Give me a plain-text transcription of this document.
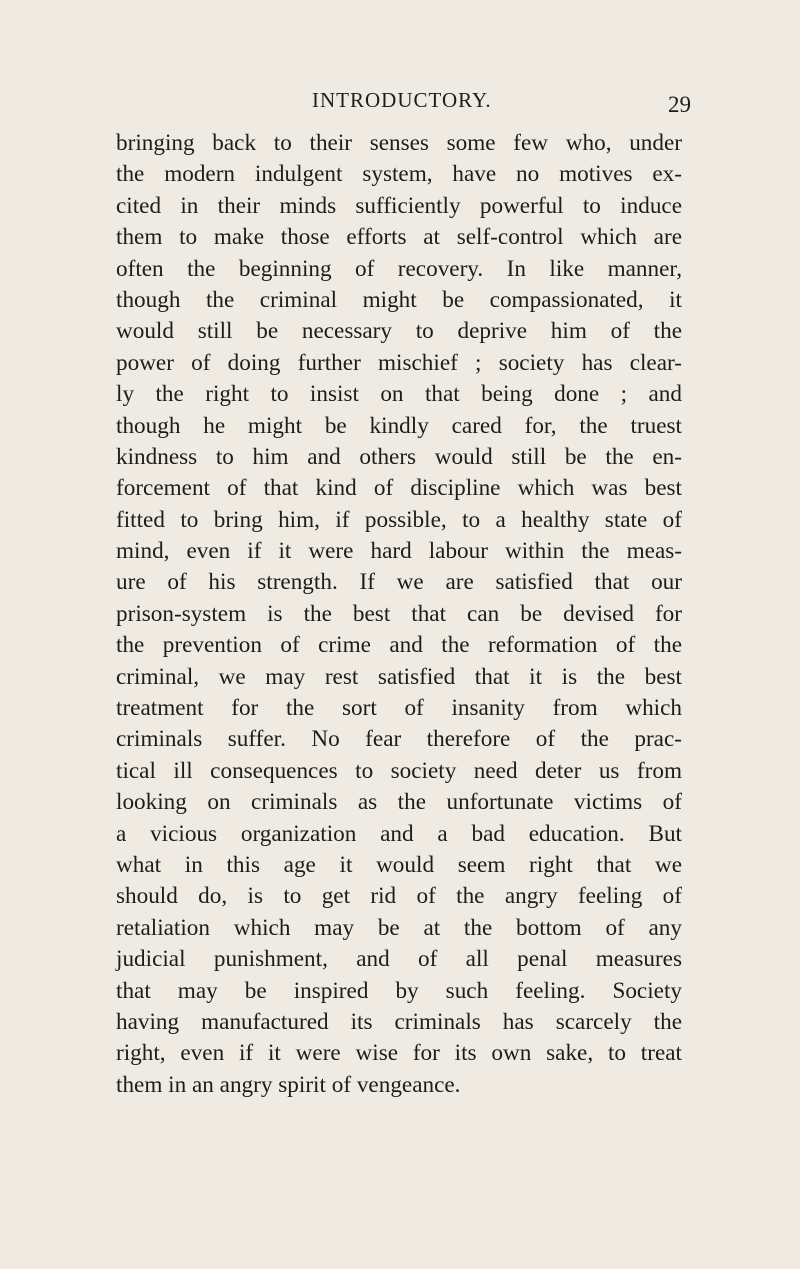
INTRODUCTORY.	29
bringing back to their senses some few who, under
the modern indulgent system, have no motives ex-
cited in their minds sufficiently powerful to induce
them to make those efforts at self-control which are
often the beginning of recovery. In like manner,
though the criminal might be compassionated, it
would still be necessary to deprive him of the
power of doing further mischief ; society has clear-
ly the right to insist on that being done ; and
though he might be kindly cared for, the truest
kindness to him and others would still be the en-
forcement of that kind of discipline which was best
fitted to bring him, if possible, to a healthy state of
mind, even if it were hard labour within the meas-
ure of his strength. If we are satisfied that our
prison-system is the best that can be devised for
the prevention of crime and the reformation of the
criminal, we may rest satisfied that it is the best
treatment for the sort of insanity from which
criminals suffer. No fear therefore of the prac-
tical ill consequences to society need deter us from
looking on criminals as the unfortunate victims of
a vicious organization and a bad education. But
what in this age it would seem right that we
should do, is to get rid of the angry feeling of
retaliation which may be at the bottom of any
judicial punishment, and of all penal measures
that may be inspired by such feeling. Society
having manufactured its criminals has scarcely the
right, even if it were wise for its own sake, to treat
them in an angry spirit of vengeance.
